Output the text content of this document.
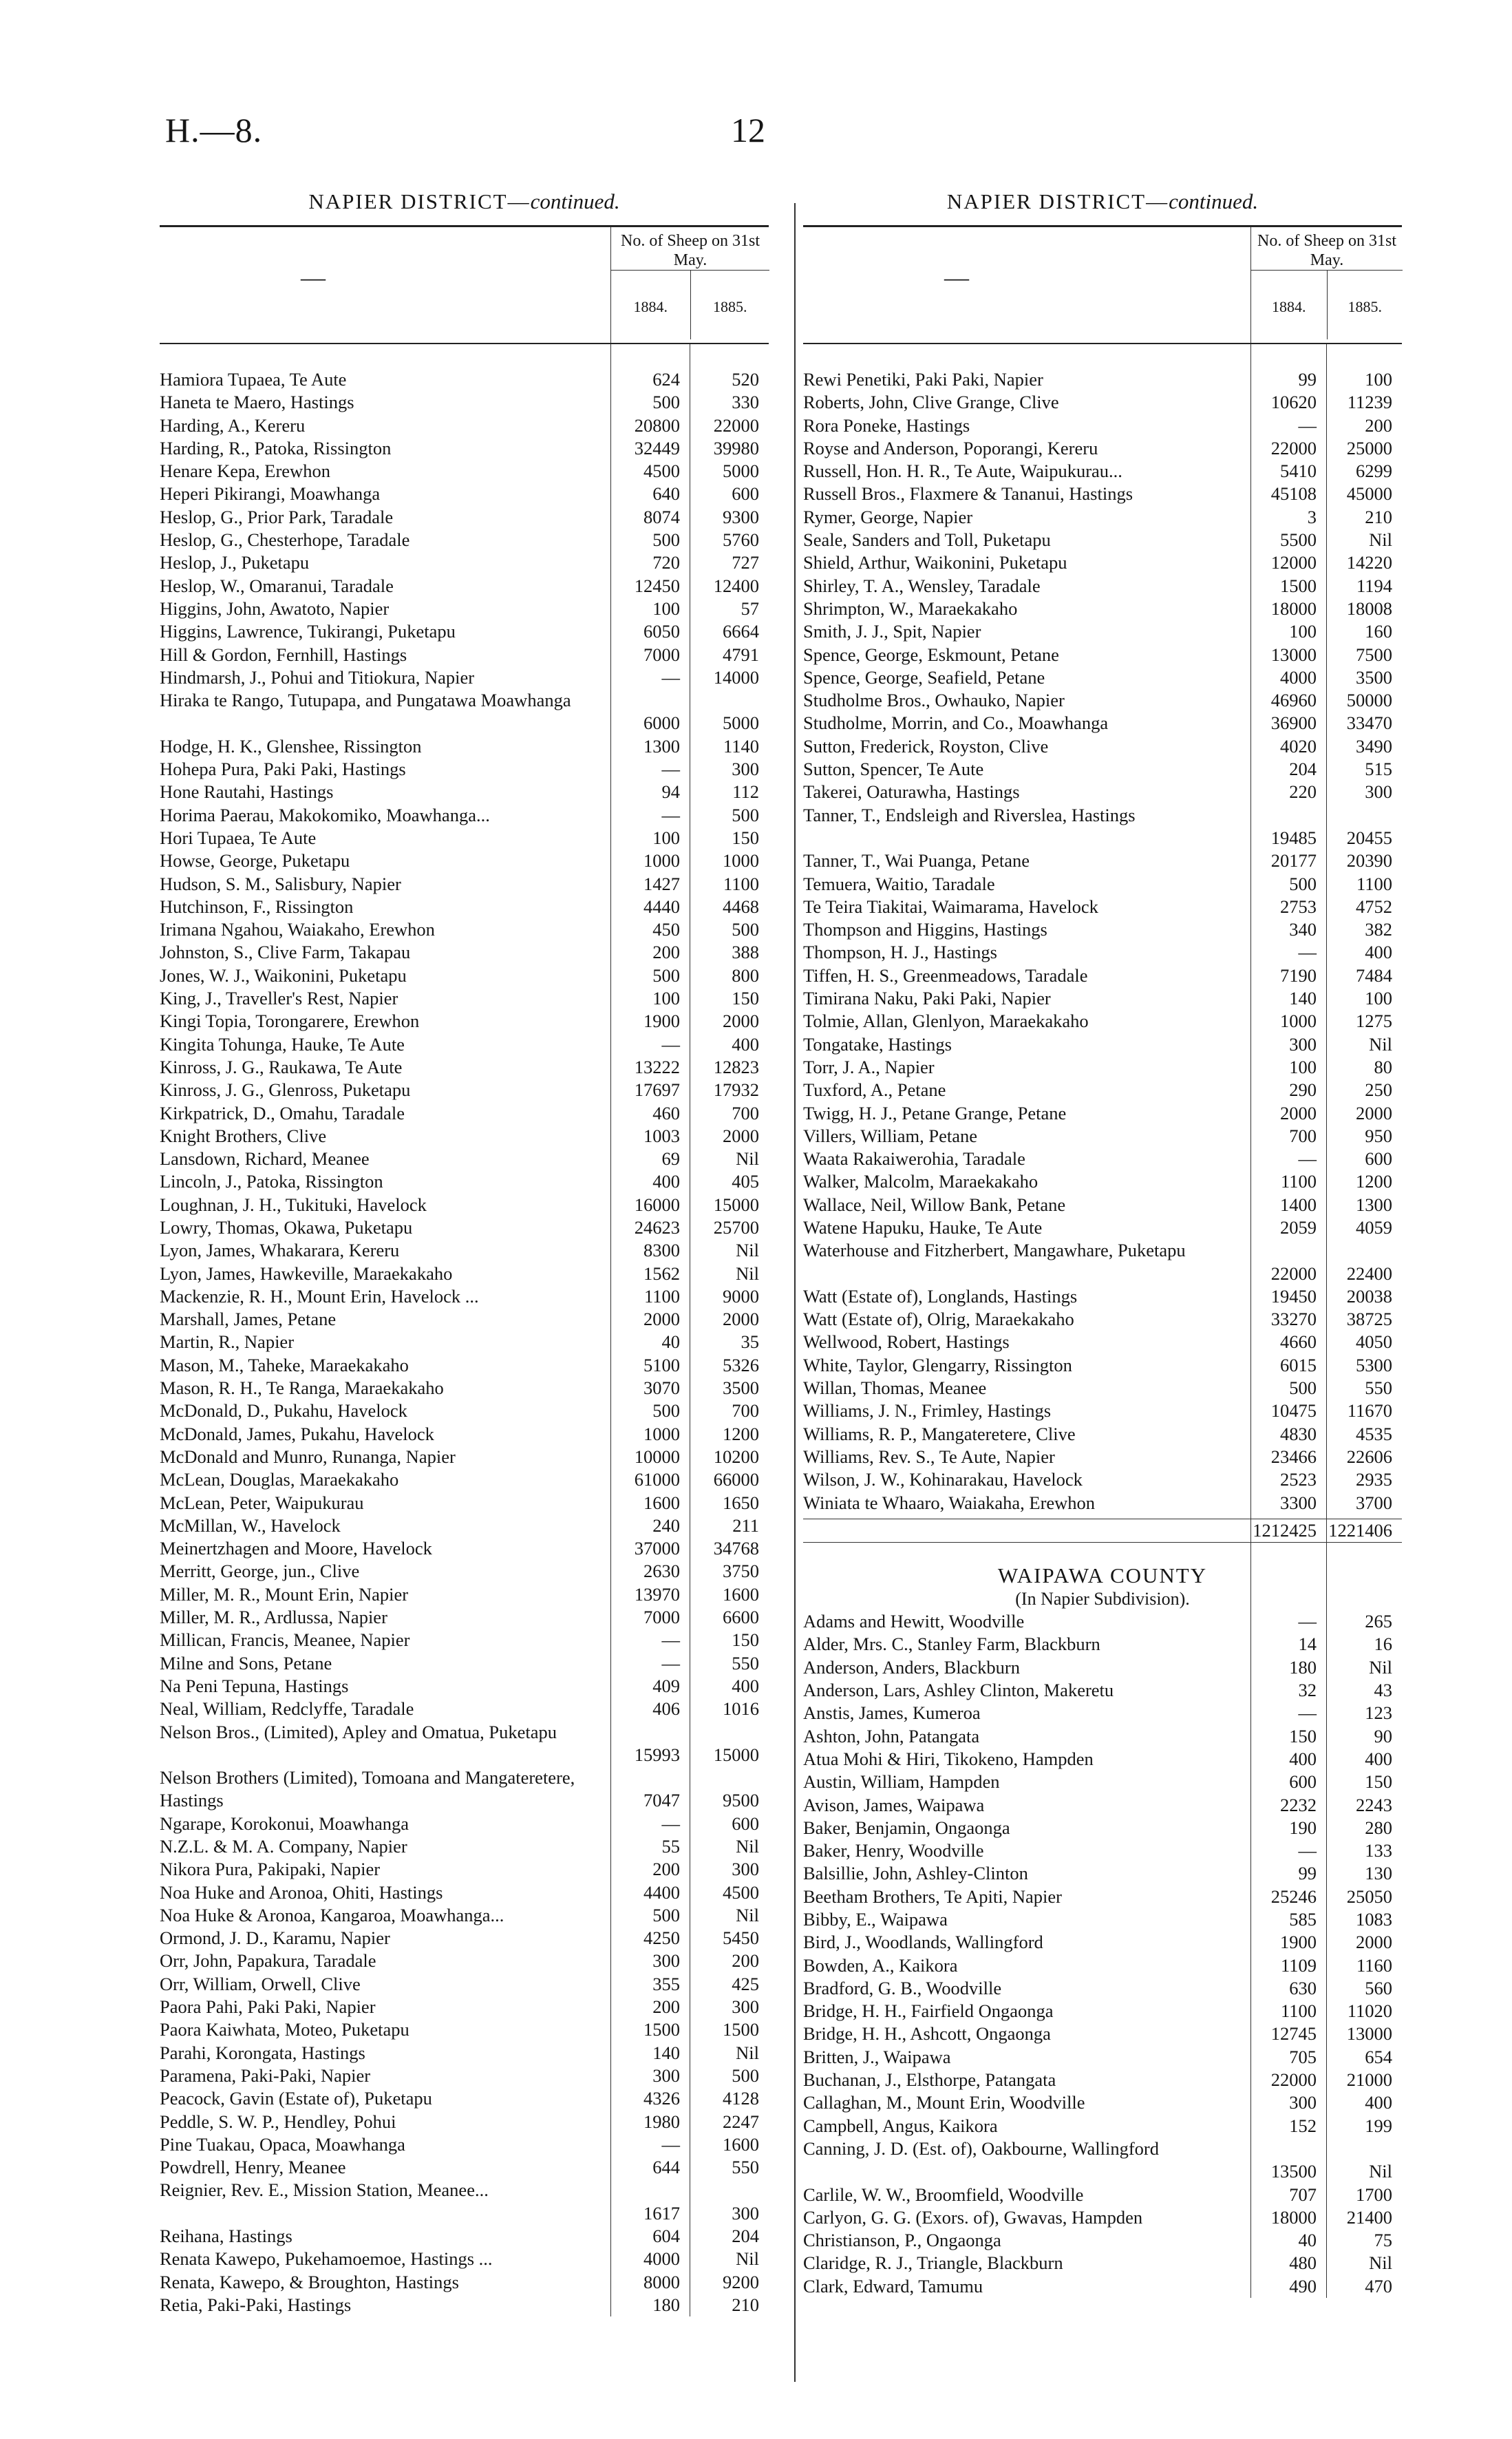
H.—8.	12
NAPIER DISTRICT—continued.
—
No. of Sheep on 31st May.
1884.	1885.
Hamiora Tupaea, Te Aute	624	520
Haneta te Maero, Hastings	500	330
Harding, A., Kereru	20800	22000
Harding, R., Patoka, Rissington	32449	39980
Henare Kepa, Erewhon	4500	5000
Heperi Pikirangi, Moawhanga	640	600
Heslop, G., Prior Park, Taradale	8074	9300
Heslop, G., Chesterhope, Taradale	500	5760
Heslop, J., Puketapu	720	727
Heslop, W., Omaranui, Taradale	12450	12400
Higgins, John, Awatoto, Napier	100	57
Higgins, Lawrence, Tukirangi, Puketapu	6050	6664
Hill & Gordon, Fernhill, Hastings	7000	4791
Hindmarsh, J., Pohui and Titiokura, Napier	—	14000
Hiraka te Rango, Tutupapa, and Pungatawa Moawhanga
6000	5000
Hodge, H. K., Glenshee, Rissington	1300	1140
Hohepa Pura, Paki Paki, Hastings	—	300
Hone Rautahi, Hastings	94	112
Horima Paerau, Makokomiko, Moawhanga...	—	500
Hori Tupaea, Te Aute	100	150
Howse, George, Puketapu	1000	1000
Hudson, S. M., Salisbury, Napier	1427	1100
Hutchinson, F., Rissington	4440	4468
Irimana Ngahou, Waiakaho, Erewhon	450	500
Johnston, S., Clive Farm, Takapau	200	388
Jones, W. J., Waikonini, Puketapu	500	800
King, J., Traveller's Rest, Napier	100	150
Kingi Topia, Torongarere, Erewhon	1900	2000
Kingita Tohunga, Hauke, Te Aute	—	400
Kinross, J. G., Raukawa, Te Aute	13222	12823
Kinross, J. G., Glenross, Puketapu	17697	17932
Kirkpatrick, D., Omahu, Taradale	460	700
Knight Brothers, Clive	1003	2000
Lansdown, Richard, Meanee	69	Nil
Lincoln, J., Patoka, Rissington	400	405
Loughnan, J. H., Tukituki, Havelock	16000	15000
Lowry, Thomas, Okawa, Puketapu	24623	25700
Lyon, James, Whakarara, Kereru	8300	Nil
Lyon, James, Hawkeville, Maraekakaho	1562	Nil
Mackenzie, R. H., Mount Erin, Havelock ...	1100	9000
Marshall, James, Petane	2000	2000
Martin, R., Napier	40	35
Mason, M., Taheke, Maraekakaho	5100	5326
Mason, R. H., Te Ranga, Maraekakaho	3070	3500
McDonald, D., Pukahu, Havelock	500	700
McDonald, James, Pukahu, Havelock	1000	1200
McDonald and Munro, Runanga, Napier	10000	10200
McLean, Douglas, Maraekakaho	61000	66000
McLean, Peter, Waipukurau	1600	1650
McMillan, W., Havelock	240	211
Meinertzhagen and Moore, Havelock	37000	34768
Merritt, George, jun., Clive	2630	3750
Miller, M. R., Mount Erin, Napier	13970	1600
Miller, M. R., Ardlussa, Napier	7000	6600
Millican, Francis, Meanee, Napier	—	150
Milne and Sons, Petane	—	550
Na Peni Tepuna, Hastings	409	400
Neal, William, Redclyffe, Taradale	406	1016
Nelson Bros., (Limited), Apley and Omatua, Puketapu
15993	15000
Nelson Brothers (Limited), Tomoana and Mangateretere, Hastings	7047	9500
Ngarape, Korokonui, Moawhanga	—	600
N.Z.L. & M. A. Company, Napier	55	Nil
Nikora Pura, Pakipaki, Napier	200	300
Noa Huke and Aronoa, Ohiti, Hastings	4400	4500
Noa Huke & Aronoa, Kangaroa, Moawhanga...	500	Nil
Ormond, J. D., Karamu, Napier	4250	5450
Orr, John, Papakura, Taradale	300	200
Orr, William, Orwell, Clive	355	425
Paora Pahi, Paki Paki, Napier	200	300
Paora Kaiwhata, Moteo, Puketapu	1500	1500
Parahi, Korongata, Hastings	140	Nil
Paramena, Paki-Paki, Napier	300	500
Peacock, Gavin (Estate of), Puketapu	4326	4128
Peddle, S. W. P., Hendley, Pohui	1980	2247
Pine Tuakau, Opaca, Moawhanga	—	1600
Powdrell, Henry, Meanee	644	550
Reignier, Rev. E., Mission Station, Meanee...
1617	300
Reihana, Hastings	604	204
Renata Kawepo, Pukehamoemoe, Hastings ...	4000	Nil
Renata, Kawepo, & Broughton, Hastings	8000	9200
Retia, Paki-Paki, Hastings	180	210
NAPIER DISTRICT—continued.
—
No. of Sheep on 31st May.
1884.	1885.
Rewi Penetiki, Paki Paki, Napier	99	100
Roberts, John, Clive Grange, Clive	10620	11239
Rora Poneke, Hastings	—	200
Royse and Anderson, Poporangi, Kereru	22000	25000
Russell, Hon. H. R., Te Aute, Waipukurau...	5410	6299
Russell Bros., Flaxmere & Tananui, Hastings	45108	45000
Rymer, George, Napier	3	210
Seale, Sanders and Toll, Puketapu	5500	Nil
Shield, Arthur, Waikonini, Puketapu	12000	14220
Shirley, T. A., Wensley, Taradale	1500	1194
Shrimpton, W., Maraekakaho	18000	18008
Smith, J. J., Spit, Napier	100	160
Spence, George, Eskmount, Petane	13000	7500
Spence, George, Seafield, Petane	4000	3500
Studholme Bros., Owhauko, Napier	46960	50000
Studholme, Morrin, and Co., Moawhanga	36900	33470
Sutton, Frederick, Royston, Clive	4020	3490
Sutton, Spencer, Te Aute	204	515
Takerei, Oaturawha, Hastings	220	300
Tanner, T., Endsleigh and Riverslea, Hastings
19485	20455
Tanner, T., Wai Puanga, Petane	20177	20390
Temuera, Waitio, Taradale	500	1100
Te Teira Tiakitai, Waimarama, Havelock	2753	4752
Thompson and Higgins, Hastings	340	382
Thompson, H. J., Hastings	—	400
Tiffen, H. S., Greenmeadows, Taradale	7190	7484
Timirana Naku, Paki Paki, Napier	140	100
Tolmie, Allan, Glenlyon, Maraekakaho	1000	1275
Tongatake, Hastings	300	Nil
Torr, J. A., Napier	100	80
Tuxford, A., Petane	290	250
Twigg, H. J., Petane Grange, Petane	2000	2000
Villers, William, Petane	700	950
Waata Rakaiwerohia, Taradale	—	600
Walker, Malcolm, Maraekakaho	1100	1200
Wallace, Neil, Willow Bank, Petane	1400	1300
Watene Hapuku, Hauke, Te Aute	2059	4059
Waterhouse and Fitzherbert, Mangawhare, Puketapu
22000	22400
Watt (Estate of), Longlands, Hastings	19450	20038
Watt (Estate of), Olrig, Maraekakaho	33270	38725
Wellwood, Robert, Hastings	4660	4050
White, Taylor, Glengarry, Rissington	6015	5300
Willan, Thomas, Meanee	500	550
Williams, J. N., Frimley, Hastings	10475	11670
Williams, R. P., Mangateretere, Clive	4830	4535
Williams, Rev. S., Te Aute, Napier	23466	22606
Wilson, J. W., Kohinarakau, Havelock	2523	2935
Winiata te Whaaro, Waiakaha, Erewhon	3300	3700
1212425 1221406
WAIPAWA COUNTY
(In Napier Subdivision).
Adams and Hewitt, Woodville	—	265
Alder, Mrs. C., Stanley Farm, Blackburn	14	16
Anderson, Anders, Blackburn	180	Nil
Anderson, Lars, Ashley Clinton, Makeretu	32	43
Anstis, James, Kumeroa	—	123
Ashton, John, Patangata	150	90
Atua Mohi & Hiri, Tikokeno, Hampden	400	400
Austin, William, Hampden	600	150
Avison, James, Waipawa	2232	2243
Baker, Benjamin, Ongaonga	190	280
Baker, Henry, Woodville	—	133
Balsillie, John, Ashley-Clinton	99	130
Beetham Brothers, Te Apiti, Napier	25246	25050
Bibby, E., Waipawa	585	1083
Bird, J., Woodlands, Wallingford	1900	2000
Bowden, A., Kaikora	1109	1160
Bradford, G. B., Woodville	630	560
Bridge, H. H., Fairfield Ongaonga	1100	11020
Bridge, H. H., Ashcott, Ongaonga	12745	13000
Britten, J., Waipawa	705	654
Buchanan, J., Elsthorpe, Patangata	22000	21000
Callaghan, M., Mount Erin, Woodville	300	400
Campbell, Angus, Kaikora	152	199
Canning, J. D. (Est. of), Oakbourne, Wallingford
13500	Nil
Carlile, W. W., Broomfield, Woodville	707	1700
Carlyon, G. G. (Exors. of), Gwavas, Hampden	18000	21400
Christianson, P., Ongaonga	40	75
Claridge, R. J., Triangle, Blackburn	480	Nil
Clark, Edward, Tamumu	490	470
